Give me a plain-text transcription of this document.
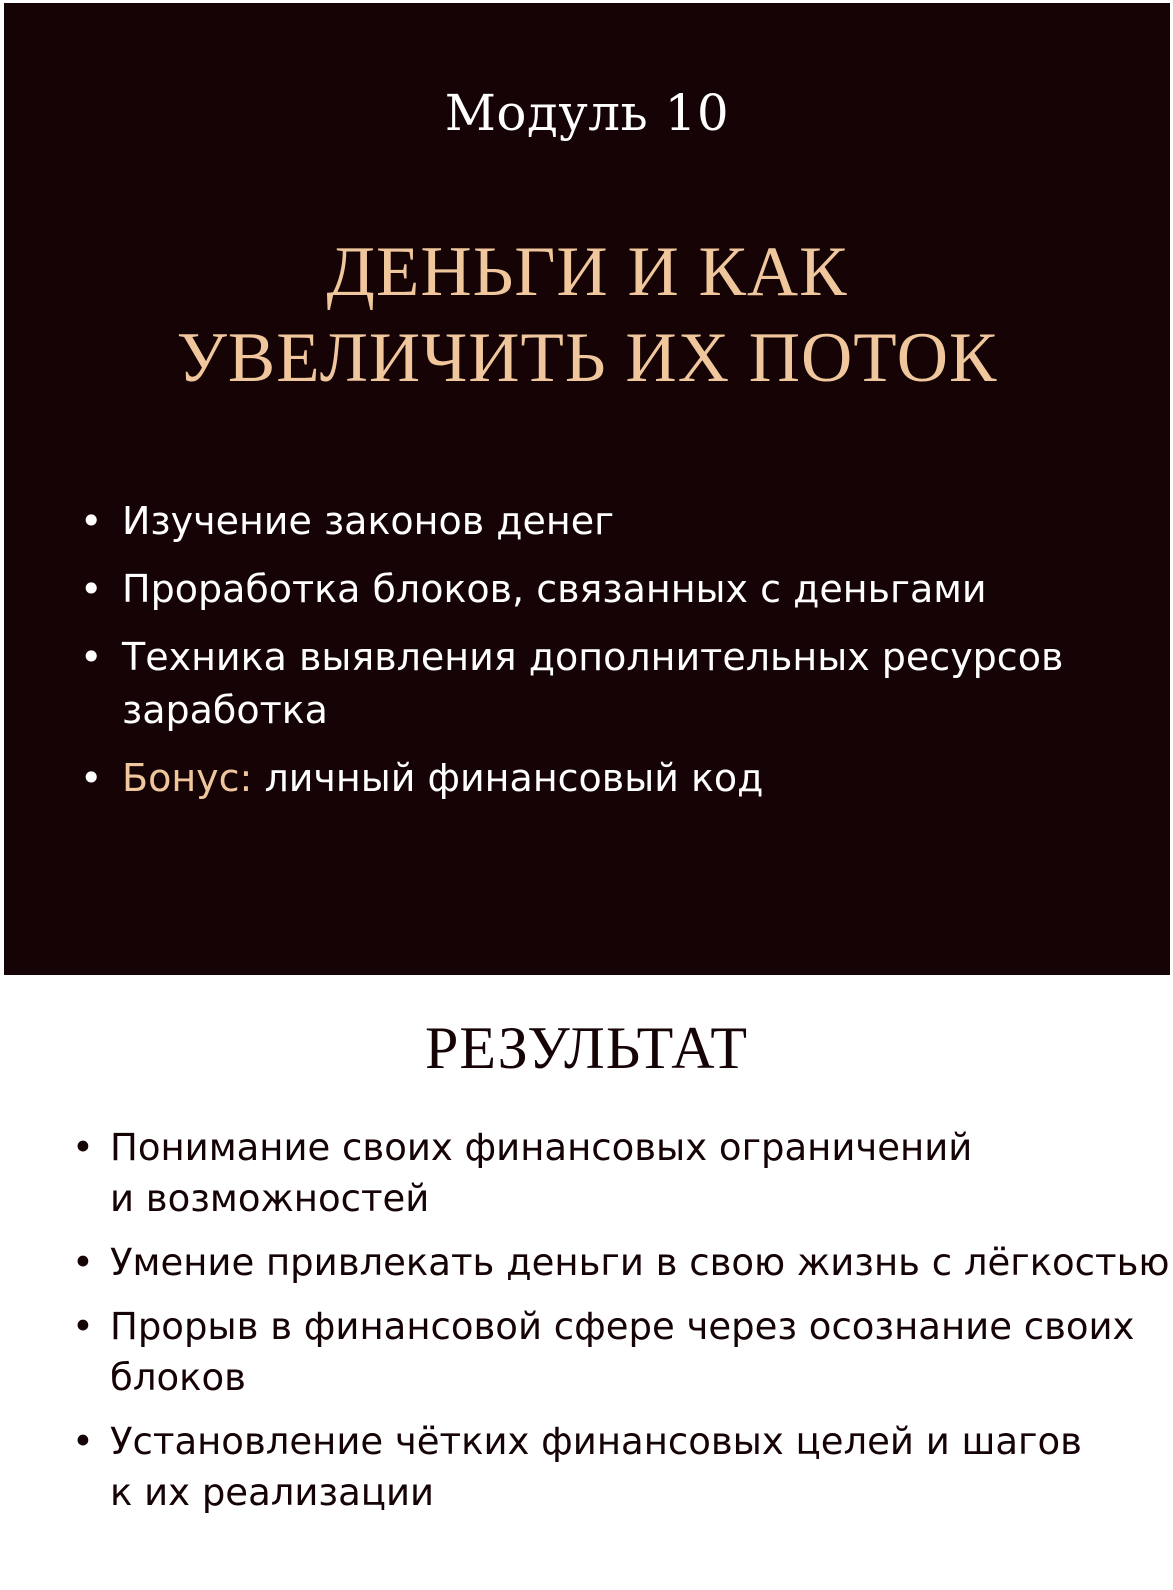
Модуль 10
ДЕНЬГИ И КАК
УВЕЛИЧИТЬ ИХ ПОТОК
• Изучение законов денег
• Проработка блоков, связанных с деньгами
• Техника выявления дополнительных ресурсов заработка
• Бонус: личный финансовый код
РЕЗУЛЬТАТ
• Понимание своих финансовых ограничений
и возможностей
• Умение привлекать деньги в свою жизнь с лёгкостью
• Прорыв в финансовой сфере через осознание своих
блоков
• Установление чётких финансовых целей и шагов
к их реализации
